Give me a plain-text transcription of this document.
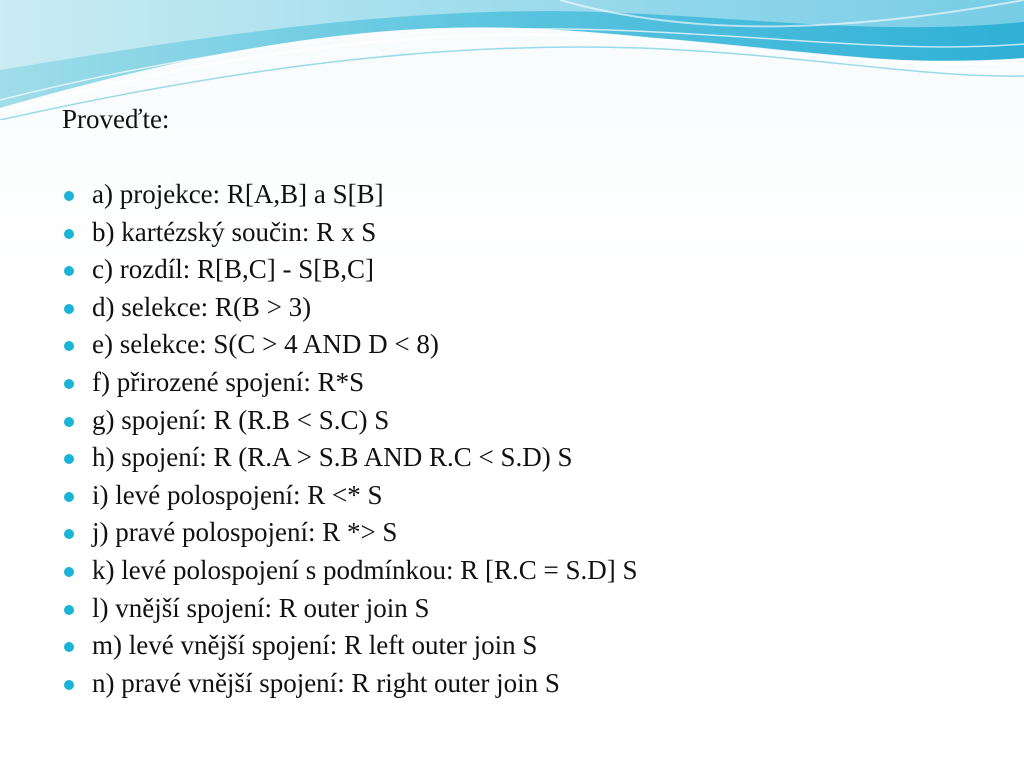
Proveďte:

a) projekce: R[A,B] a S[B]
b) kartézský součin: R x S
c) rozdíl: R[B,C] - S[B,C]
d) selekce: R(B > 3)
e) selekce: S(C > 4 AND D < 8)
f) přirozené spojení: R*S
g) spojení: R (R.B < S.C) S
h) spojení: R (R.A > S.B AND R.C < S.D) S
i) levé polospojení: R <* S
j) pravé polospojení: R *> S
k) levé polospojení s podmínkou: R [R.C = S.D] S
l) vnější spojení: R outer join S
m) levé vnější spojení: R left outer join S
n) pravé vnější spojení: R right outer join S
